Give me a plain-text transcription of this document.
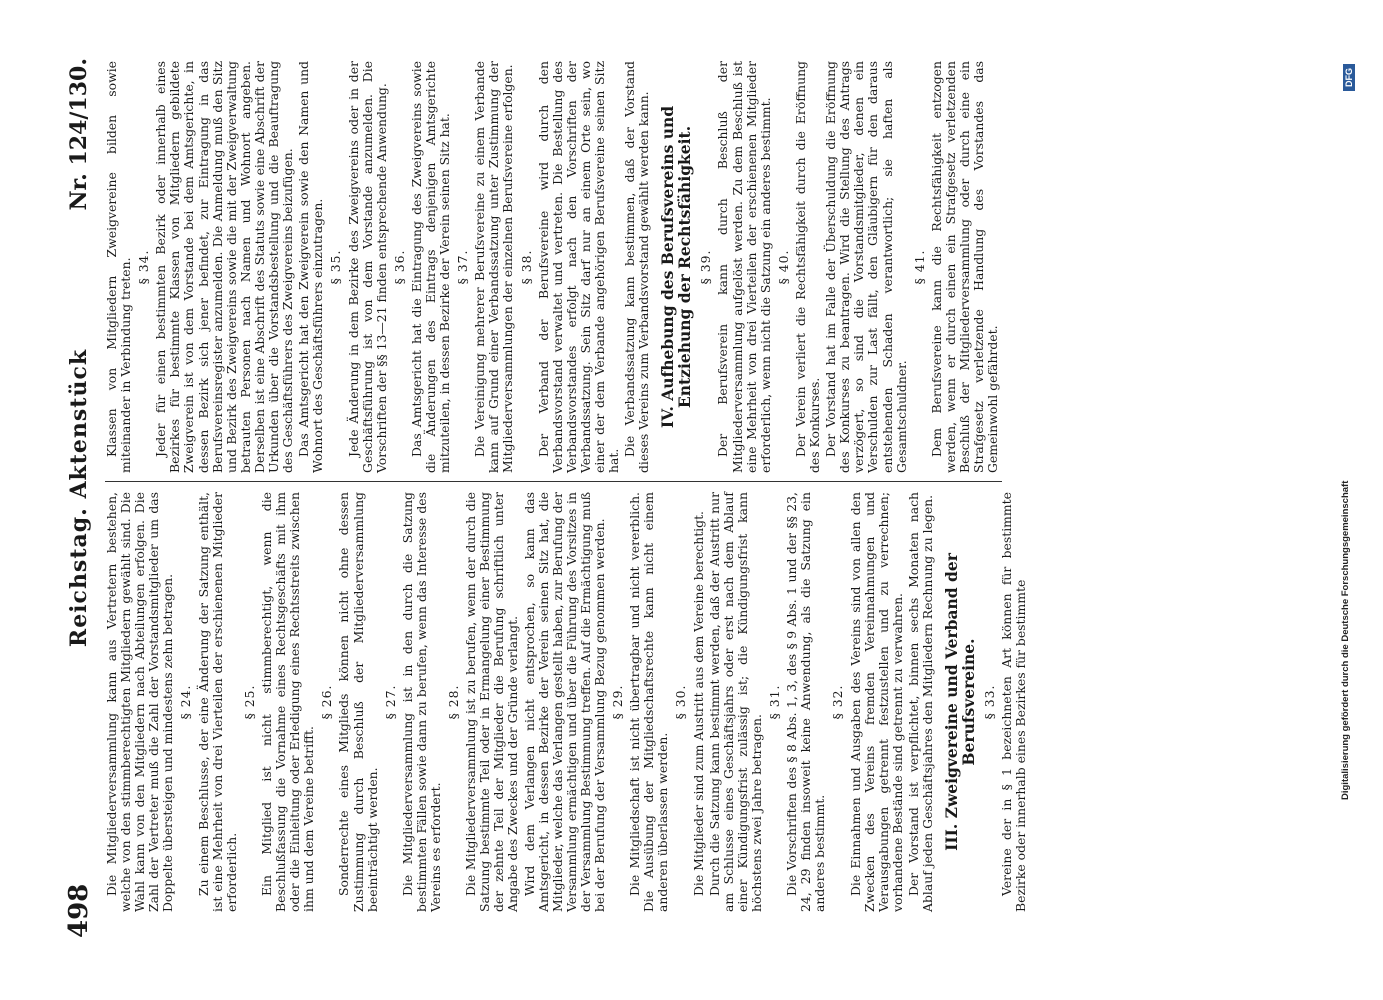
498
Reichstag. Aktenstück
Nr. 124/130.
Die Mitgliederversammlung kann aus Vertretern bestehen, welche von den stimmberechtigten Mitgliedern gewählt sind. Die Wahl kann von den Mitgliedern nach Abteilungen erfolgen. Die Zahl der Vertreter muß die Zahl der Vorstandsmitglieder um das Doppelte übersteigen und mindestens zehn betragen. § 24. Zu einem Beschlusse, der eine Änderung der Satzung enthält, ist eine Mehrheit von drei Vierteilen der erschienenen Mitglieder erforderlich.
§ 25. Ein Mitglied ist nicht stimmberechtigt, wenn die Beschlußfassung die Vornahme eines Rechtsgeschäfts mit ihm oder die Einleitung oder Erledigung eines Rechtsstreits zwischen ihm und dem Vereine betrifft.
§ 26. Sonderrechte eines Mitglieds können nicht ohne dessen Zustimmung durch Beschluß der Mitgliederversammlung beeinträchtigt werden.
§ 27. Die Mitgliederversammlung ist in den durch die Satzung bestimmten Fällen sowie dann zu berufen, wenn das Interesse des Vereins es erfordert.
§ 28. Die Mitgliederversammlung ist zu berufen, wenn der durch die Satzung bestimmte Teil oder in Ermangelung einer Bestimmung der zehnte Teil der Mitglieder die Berufung schriftlich unter Angabe des Zweckes und der Gründe verlangt. Wird dem Verlangen nicht entsprochen, so kann das Amtsgericht, in dessen Bezirke der Verein seinen Sitz hat, die Mitglieder, welche das Verlangen gestellt haben, zur Berufung der Versammlung ermächtigen und über die Führung des Vorsitzes in der Versammlung Bestimmung treffen. Auf die Ermächtigung muß bei der Berufung der Versammlung Bezug genommen werden. § 29. Die Mitgliedschaft ist nicht übertragbar und nicht vererblich. Die Ausübung der Mitgliedschaftsrechte kann nicht einem anderen überlassen werden.
§ 30. Die Mitglieder sind zum Austritt aus dem Vereine berechtigt. Durch die Satzung kann bestimmt werden, daß der Austritt nur am Schlusse eines Geschäftsjahrs oder erst nach dem Ablauf einer Kündigungsfrist zulässig ist; die Kündigungsfrist kann höchstens zwei Jahre betragen.
§ 31. Die Vorschriften des § 8 Abs. 1, 3, des § 9 Abs. 1 und der §§ 23, 24, 29 finden insoweit keine Anwendung, als die Satzung ein anderes bestimmt.
§ 32. Die Einnahmen und Ausgaben des Vereins sind von allen den Zwecken des Vereins fremden Vereinnahmungen und Verausgabungen getrennt festzustellen und zu verrechnen; vorhandene Bestände sind getrennt zu verwahren. Der Vorstand ist verpflichtet, binnen sechs Monaten nach Ablauf jeden Geschäftsjahres den Mitgliedern Rechnung zu legen. III. Zweigvereine und Verband der Berufsvereine. § 33. Vereine der in § 1 bezeichneten Art können für bestimmte Bezirke oder innerhalb eines Bezirkes für bestimmte
Klassen von Mitgliedern Zweigvereine bilden sowie miteinander in Verbindung treten. § 34. Jeder für einen bestimmten Bezirk oder innerhalb eines Bezirkes für bestimmte Klassen von Mitgliedern gebildete Zweigverein ist von dem Vorstande bei dem Amtsgerichte, in dessen Bezirk sich jener befindet, zur Eintragung in das Berufsvereinsregister anzumelden. Die Anmeldung muß den Sitz und Bezirk des Zweigvereins sowie die mit der Zweigverwaltung betrauten Personen nach Namen und Wohnort angeben. Derselben ist eine Abschrift des Statuts sowie eine Abschrift der Urkunden über die Vorstandsbestellung und die Beauftragung des Geschäftsführers des Zweigvereins beizufügen. Das Amtsgericht hat den Zweigverein sowie den Namen und Wohnort des Geschäftsführers einzutragen. § 35. Jede Änderung in dem Bezirke des Zweigvereins oder in der Geschäftsführung ist von dem Vorstande anzumelden. Die Vorschriften der §§ 13—21 finden entsprechende Anwendung. § 36. Das Amtsgericht hat die Eintragung des Zweigvereins sowie die Änderungen des Eintrags denjenigen Amtsgerichte mitzuteilen, in dessen Bezirke der Verein seinen Sitz hat. § 37. Die Vereinigung mehrerer Berufsvereine zu einem Verbande kann auf Grund einer Verbandssatzung unter Zustimmung der Mitgliederversammlungen der einzelnen Berufsvereine erfolgen. § 38. Der Verband der Berufsvereine wird durch den Verbandsvorstand verwaltet und vertreten. Die Bestellung des Verbandsvorstandes erfolgt nach den Vorschriften der Verbandssatzung. Sein Sitz darf nur an einem Orte sein, wo einer der dem Verbande angehörigen Berufsvereine seinen Sitz hat.
Die Verbandssatzung kann bestimmen, daß der Vorstand dieses Vereins zum Verbandsvorstand gewählt werden kann. IV. Aufhebung des Berufsvereins und Entziehung der Rechtsfähigkeit. § 39. Der Berufsverein kann durch Beschluß der Mitgliederversammlung aufgelöst werden. Zu dem Beschluß ist eine Mehrheit von drei Vierteilen der erschienenen Mitglieder erforderlich, wenn nicht die Satzung ein anderes bestimmt. § 40. Der Verein verliert die Rechtsfähigkeit durch die Eröffnung des Konkurses. Der Vorstand hat im Falle der Überschuldung die Eröffnung des Konkurses zu beantragen. Wird die Stellung des Antrags verzögert, so sind die Vorstandsmitglieder, denen ein Verschulden zur Last fällt, den Gläubigern für den daraus entstehenden Schaden verantwortlich; sie haften als Gesamtschuldner.
§ 41. Dem Berufsvereine kann die Rechtsfähigkeit entzogen werden, wenn er durch einen ein Strafgesetz verletzenden Beschluß der Mitgliederversammlung oder durch eine ein Strafgesetz verletzende Handlung des Vorstandes das Gemeinwohl gefährdet.
Digitalisierung gefördert durch die Deutsche Forschungsgemeinschaft
DFG
